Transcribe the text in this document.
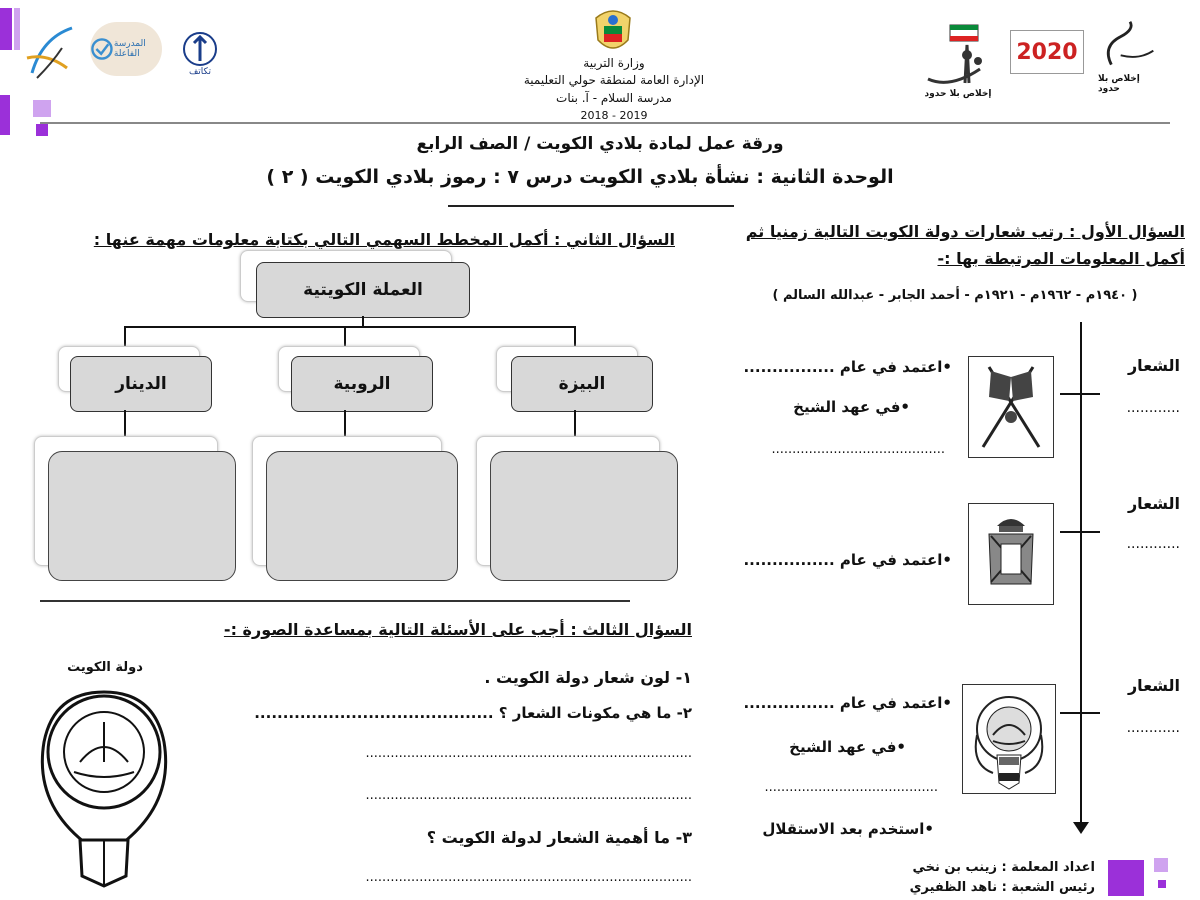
المدرسة الفاعلة
تكاتف
وزارة التربية
الإدارة العامة لمنطقة حولي التعليمية
مدرسة السلام - آ. بنات
2018 - 2019
إخلاص بلا حدود
2020
إخلاص بلا حدود
ورقة عمل لمادة بلادي الكويت / الصف الرابع
الوحدة الثانية : نشأة بلادي الكويت درس ٧ : رموز بلادي الكويت ( ٢ )
السؤال الأول : رتب شعارات دولة الكويت التالية زمنيا ثم
أكمل المعلومات المرتبطة بها :-
( ١٩٤٠م - ١٩٦٢م - ١٩٢١م - أحمد الجابر - عبدالله السالم )
الشعار
............
الشعار
............
الشعار
............
•اعتمد في عام ................
•في عهد الشيخ
..........................................
•اعتمد في عام ................
•اعتمد في عام ................
•في عهد الشيخ
..........................................
•استخدم بعد الاستقلال
السؤال الثاني : أكمل المخطط السهمي التالي بكتابة معلومات مهمة عنها :
العملة الكويتية
الدينار	الروبية	البيزة
السؤال الثالث : أجب على الأسئلة التالية بمساعدة الصورة :-
دولة الكويت
١- لون شعار دولة الكويت .
٢- ما هي مكونات الشعار ؟ ..........................................
...............................................................................
...............................................................................
٣- ما أهمية الشعار لدولة الكويت ؟
...............................................................................
اعداد المعلمة : زينب بن نخي
رئيس الشعبة : ناهد الظفيري
